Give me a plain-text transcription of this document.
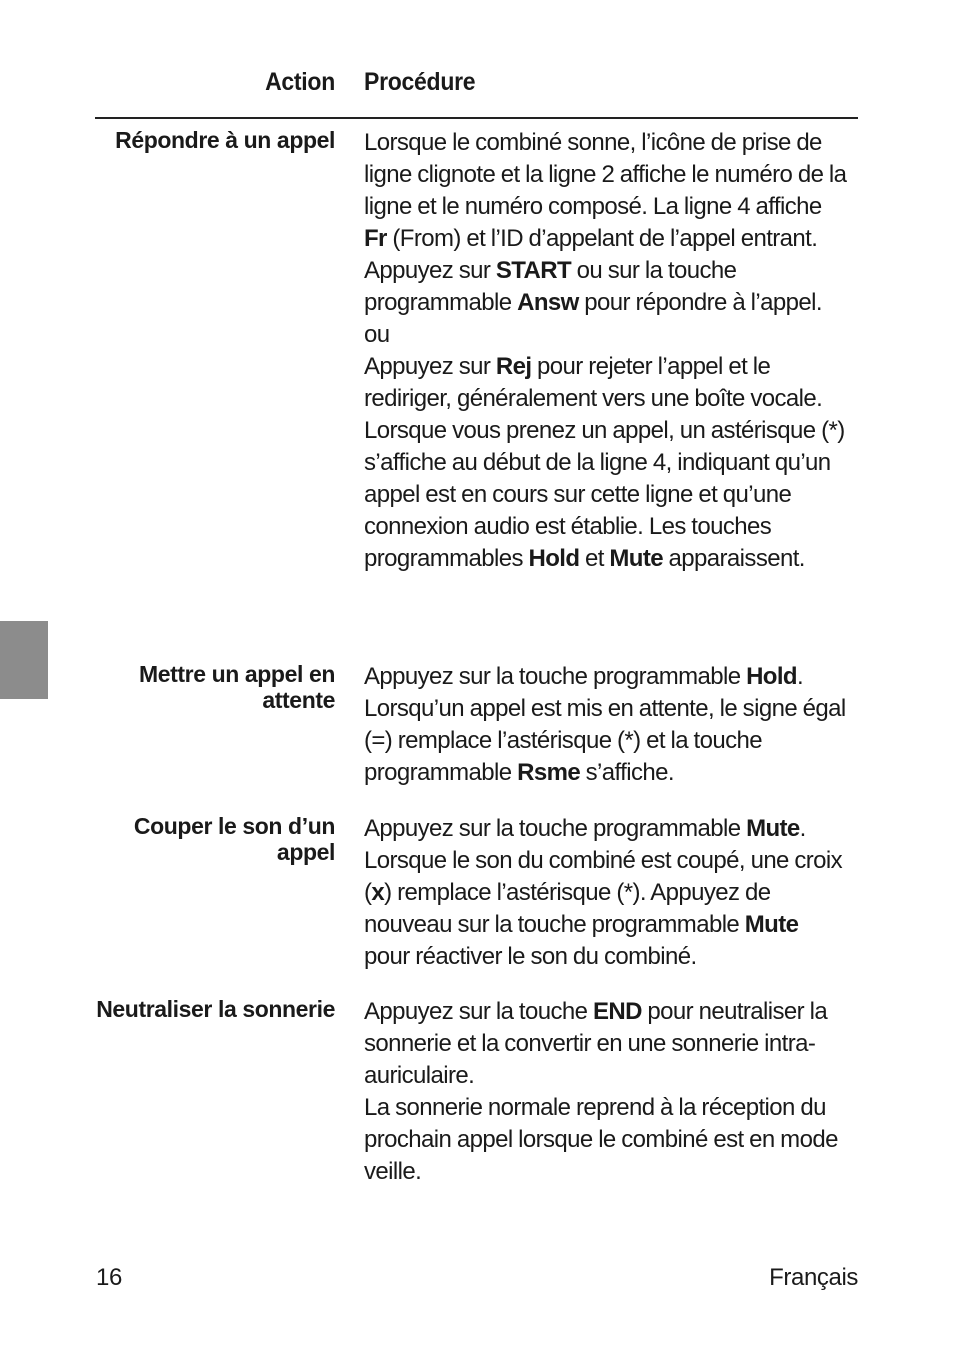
Action Procédure
Répondre à un appel Lorsque le combiné sonne, l’icône de prise de ligne clignote et la ligne 2 affiche le numéro de la ligne et le numéro composé. La ligne 4 affiche Fr (From) et l’ID d’appelant de l’appel entrant.

Appuyez sur START ou sur la touche programmable Answ pour répondre à l’appel.

ou

Appuyez sur Rej pour rejeter l’appel et le rediriger, généralement vers une boîte vocale.

Lorsque vous prenez un appel, un astérisque (*) s’affiche au début de la ligne 4, indiquant qu’un appel est en cours sur cette ligne et qu’une connexion audio est établie. Les touches programmables Hold et Mute apparaissent.

Mettre un appel en attente

Appuyez sur la touche programmable Hold.

Lorsqu’un appel est mis en attente, le signe égal (=) remplace l’astérisque (*) et la touche programmable Rsme s’affiche.

Couper le son d’un appel

Appuyez sur la touche programmable Mute.

Lorsque le son du combiné est coupé, une croix (x) remplace l’astérisque (*). Appuyez de nouveau sur la touche programmable Mute pour réactiver le son du combiné.

Neutraliser la sonnerie Appuyez sur la touche END pour neutraliser la sonnerie et la convertir en une sonnerie intra-auriculaire.

La sonnerie normale reprend à la réception du prochain appel lorsque le combiné est en mode veille.

16	Français
